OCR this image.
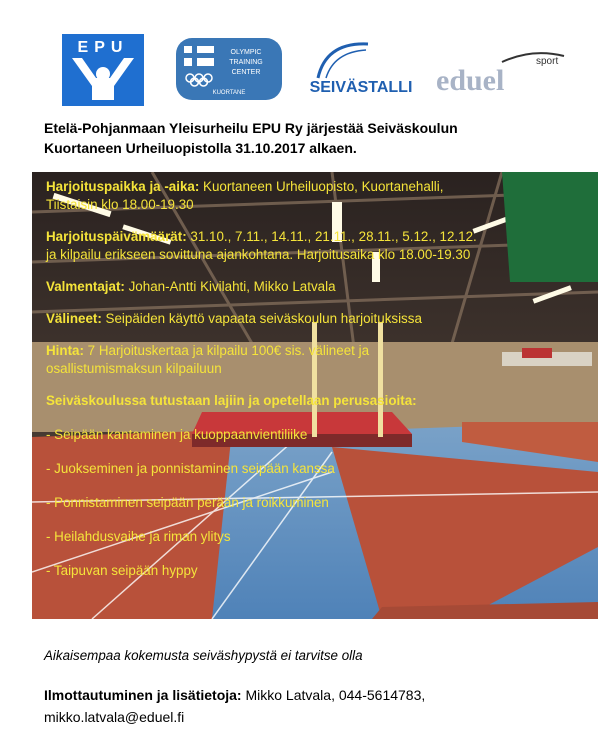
EPU	OLYMPIC
TRAINING
CENTER
KUORTANE	SEIVÄSTALLI eduel
sport
Etelä-Pohjanmaan Yleisurheilu EPU Ry järjestää Seiväskoulun
Kuortaneen Urheiluopistolla 31.10.2017 alkaen.

Harjoituspaikka ja -aika: Kuortaneen Urheiluopisto, Kuortanehalli,

Tiistaisin klo 18.00-19.30

Harjoituspäivämäärät: 31.10., 7.11., 14.11., 21.11., 28.11., 5.12., 12.12.

ja kilpailu erikseen sovittuna ajankohtana. Harjoitusaika klo 18.00-19.30

Valmentajat: Johan-Antti Kivilahti, Mikko Latvala

Välineet: Seipäiden käyttö vapaata seiväskoulun harjoituksissa

Hinta: 7 Harjoituskertaa ja kilpailu 100€ sis. välineet ja

osallistumismaksun kilpailuun

Seiväskoulussa tutustaan lajiin ja opetellaan perusasioita:

- Seipään kantaminen ja kuoppaanvientiliike

- Juokseminen ja ponnistaminen seipään kanssa

- Ponnistaminen seipään perään ja roikkuminen

- Heilahdusvaihe ja riman ylitys

- Taipuvan seipään hyppy

Aikaisempaa kokemusta seiväshypystä ei tarvitse olla
Ilmottautuminen ja lisätietoja: Mikko Latvala, 044-5614783,
mikko.latvala@eduel.fi
